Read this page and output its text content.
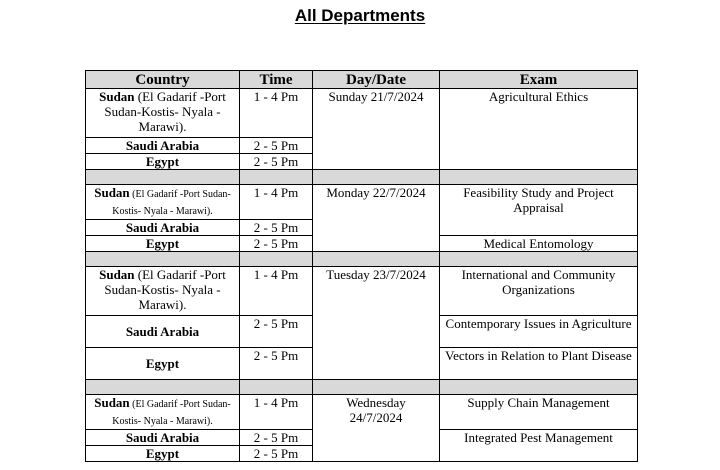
All Departments
Country	Time	Day/Date	Exam
Sudan (El Gadarif -Port Sudan-Kostis- Nyala - Marawi).	1 - 4 Pm	Sunday 21/7/2024	Agricultural Ethics
Saudi Arabia	2 - 5 Pm		
Egypt	2 - 5 Pm		

Sudan (El Gadarif -Port Sudan-Kostis- Nyala - Marawi).	1 - 4 Pm	Monday 22/7/2024	Feasibility Study and Project Appraisal
Saudi Arabia	2 - 5 Pm		
Egypt	2 - 5 Pm		Medical Entomology

Sudan (El Gadarif -Port Sudan-Kostis- Nyala - Marawi).	1 - 4 Pm	Tuesday 23/7/2024	International and Community Organizations
Saudi Arabia	2 - 5 Pm		Contemporary Issues in Agriculture
Egypt	2 - 5 Pm		Vectors in Relation to Plant Disease

Sudan (El Gadarif -Port Sudan-Kostis- Nyala - Marawi).	1 - 4 Pm	Wednesday 24/7/2024	Supply Chain Management
Saudi Arabia	2 - 5 Pm		Integrated Pest Management
Egypt	2 - 5 Pm		
